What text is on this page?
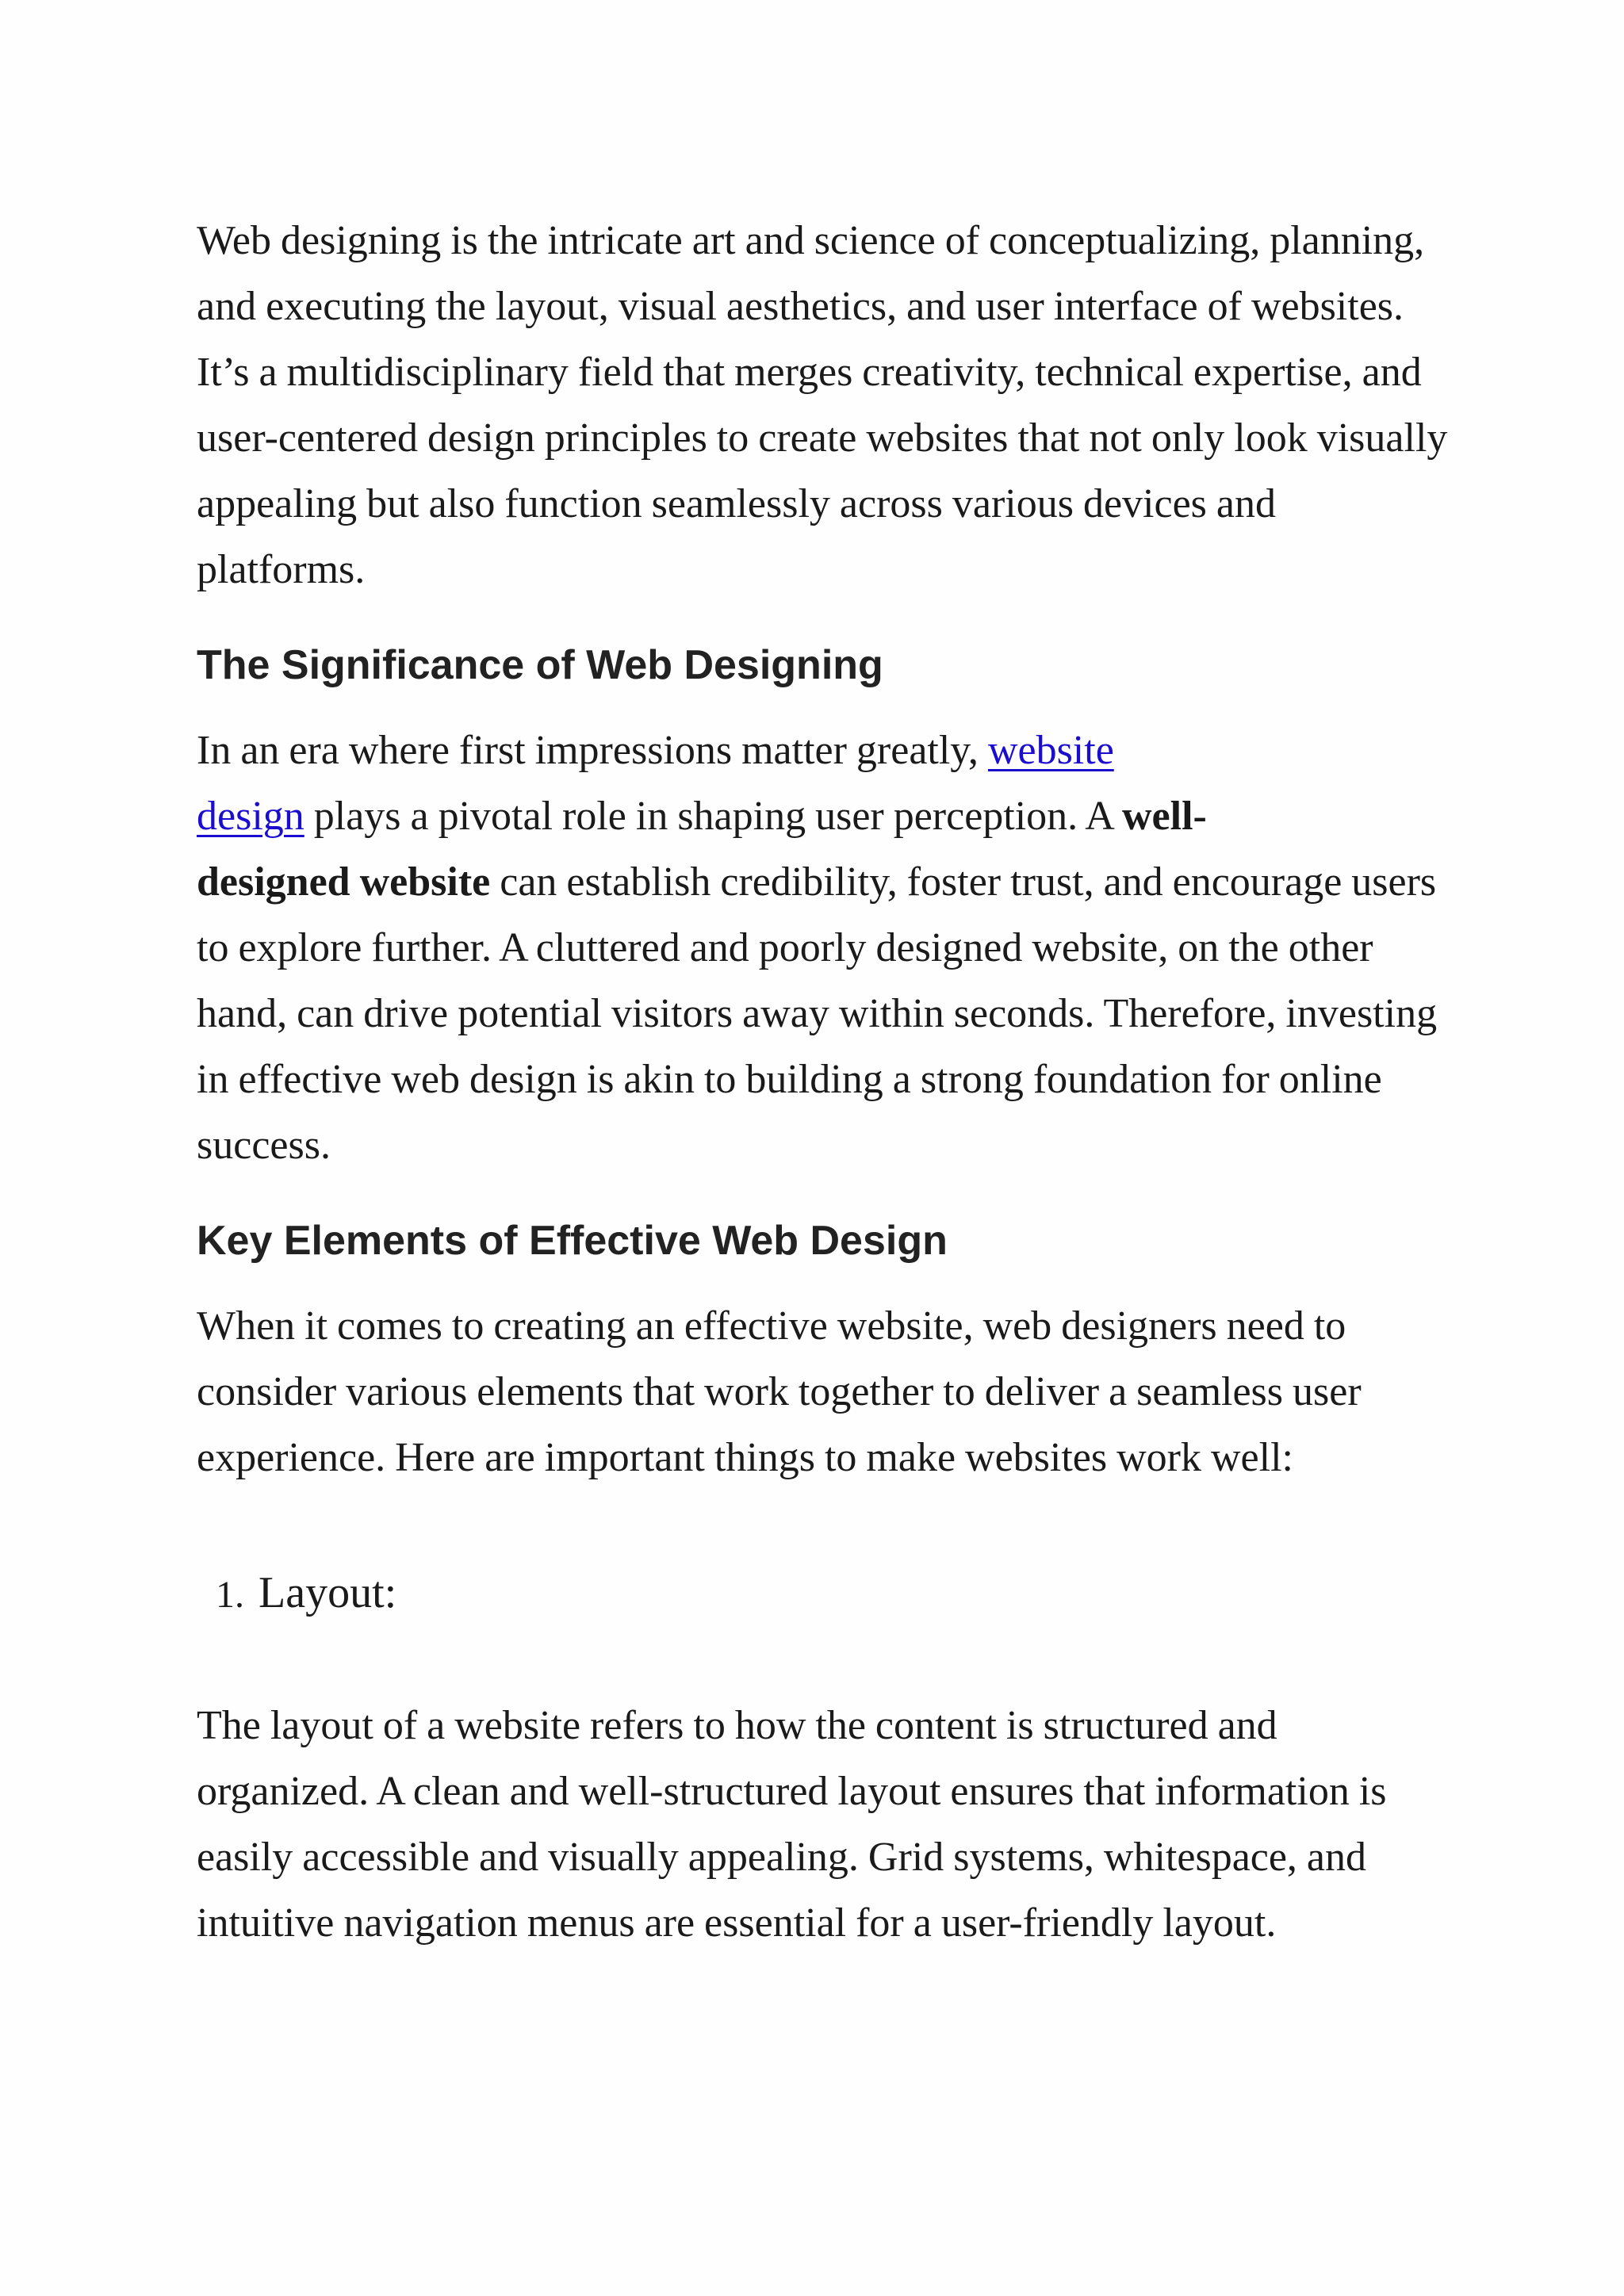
Web designing is the intricate art and science of conceptualizing, planning, and executing the layout, visual aesthetics, and user interface of websites. It’s a multidisciplinary field that merges creativity, technical expertise, and user-centered design principles to create websites that not only look visually appealing but also function seamlessly across various devices and platforms.

The Significance of Web Designing

In an era where first impressions matter greatly, website
design plays a pivotal role in shaping user perception. A well-
designed website can establish credibility, foster trust, and encourage users to explore further. A cluttered and poorly designed website, on the other hand, can drive potential visitors away within seconds. Therefore, investing in effective web design is akin to building a strong foundation for online success.

Key Elements of Effective Web Design

When it comes to creating an effective website, web designers need to consider various elements that work together to deliver a seamless user experience. Here are important things to make websites work well:

1. Layout:

The layout of a website refers to how the content is structured and organized. A clean and well-structured layout ensures that information is easily accessible and visually appealing. Grid systems, whitespace, and intuitive navigation menus are essential for a user-friendly layout.
